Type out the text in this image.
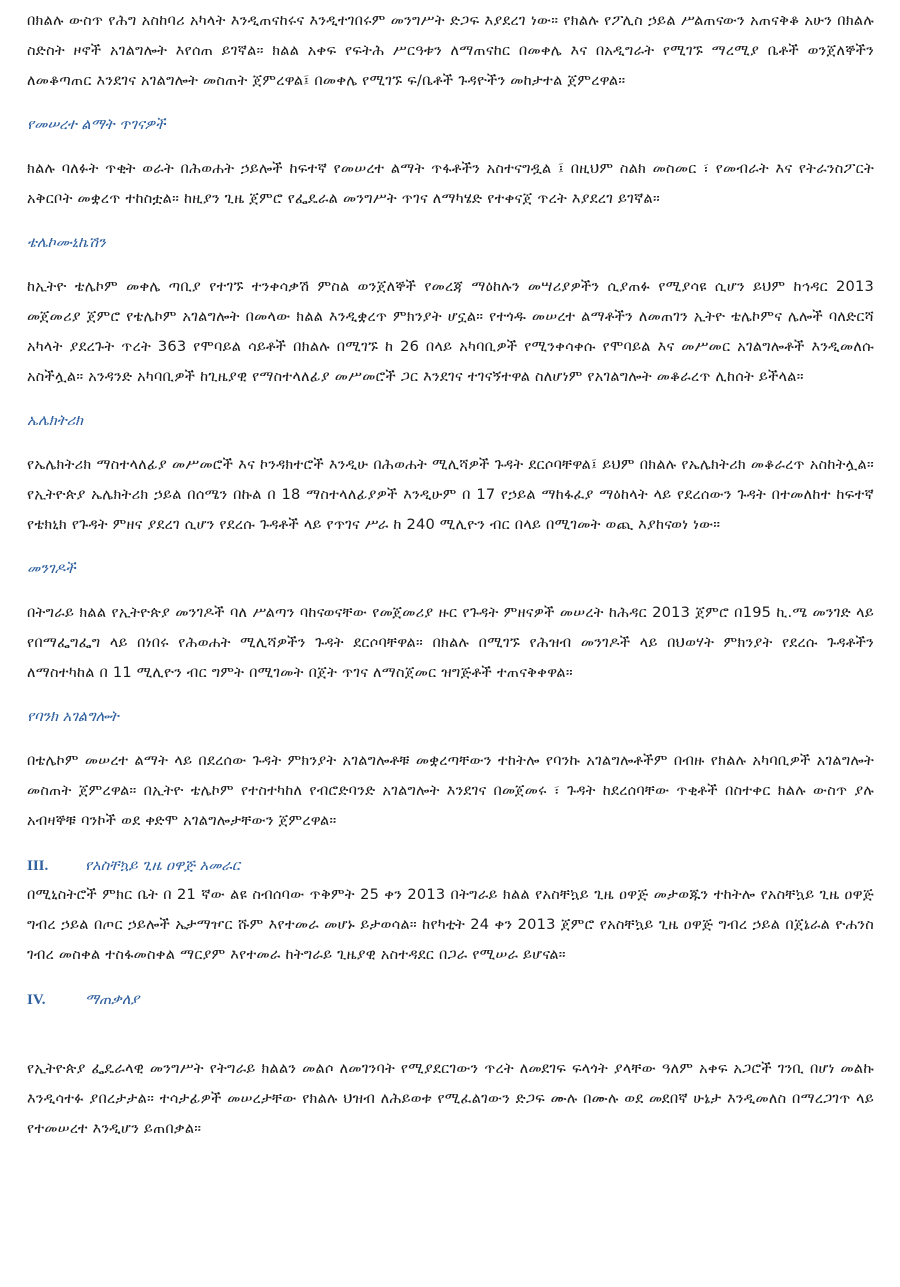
በክልሉ ውስጥ የሕግ አስከባሪ አካላት እንዲጠናከሩና እንዲተገበሩም መንግሥት ድጋፍ እያደረገ ነው። የክልሉ የፖሊስ ኃይል ሥልጠናውን አጠናቅቆ አሁን በክልሉ ስድስት ዞኖች አገልግሎት እየሰጠ ይገኛል። ክልል አቀፍ የፍትሕ ሥርዓቱን ለማጠናከር በመቀሌ እና በአዲግራት የሚገኙ ማረሚያ ቤቶች ወንጀለኞችን ለመቆጣጠር እንደገና አገልግሎት መስጠት ጀምረዋል፤ በመቀሌ የሚገኙ ፍ/ቤቶች ጉዳዮችን መከታተል ጀምረዋል።

የመሠረተ ልማት ጥገናዎች

ክልሉ ባለፉት ጥቂት ወራት በሕወሐት ኃይሎች ከፍተኛ የመሠረተ ልማት ጥፋቶችን አስተናግዷል ፤ በዚህም ስልክ መስመር ፣ የመብራት እና የትራንስፖርት አቅርቦት መቋረጥ ተከስቷል። ከዚያን ጊዜ ጀምሮ የፌዴራል መንግሥት ጥገና ለማካሄድ የተቀናጀ ጥረት እያደረገ ይገኛል።

ቴሌኮሙኒኬሽን

ከኢትዮ ቴሌኮም መቀሌ ጣቢያ የተገኙ ተንቀሳቃሽ ምስል ወንጀለኞች የመረጃ ማዕከሉን መሣሪያዎችን ሲያጠፉ የሚያሳዩ ሲሆን ይህም ከኅዳር 2013 መጀመሪያ ጀምሮ የቴሌኮም አገልግሎት በመላው ክልል እንዲቋረጥ ምክንያት ሆኗል። የተጎዱ መሠረተ ልማቶችን ለመጠገን ኢትዮ ቴሌኮምና ሌሎች ባለድርሻ አካላት ያደረጉት ጥረት 363 የሞባይል ሳይቶች በክልሉ በሚገኙ ከ 26 በላይ አካባቢዎች የሚንቀሳቀሱ የሞባይል እና መሥመር አገልግሎቶች እንዲመለሱ አስችሏል። አንዳንድ አካባቢዎች ከጊዜያዊ የማስተላለፊያ መሥመሮች ጋር እንደገና ተገናኝተዋል ስለሆነም የአገልግሎት መቆራረጥ ሊከሰት ይችላል።

ኤሌክትሪክ

የኤሌክትሪክ ማስተላለፊያ መሥመሮች እና ኮንዳክተሮች እንዲሁ በሕወሐት ሚሊሻዎች ጉዳት ደርሶባቸዋል፤ ይህም በክልሉ የኤሌክትሪክ መቆራረጥ አስከትሏል። የኢትዮጵያ ኤሌክትሪክ ኃይል በሰሜን በኩል በ 18 ማስተላለፊያዎች እንዲሁም በ 17 የኃይል ማከፋፈያ ማዕከላት ላይ የደረሰውን ጉዳት በተመለከተ ከፍተኛ የቴክኒክ የጉዳት ምዘና ያደረገ ሲሆን የደረሱ ጉዳቶች ላይ የጥገና ሥራ ከ 240 ሚሊዮን ብር በላይ በሚገመት ወጪ እያከናወነ ነው።

መንገዶች

በትግራይ ክልል የኢትዮጵያ መንገዶች ባለ ሥልጣን ባከናወናቸው የመጀመሪያ ዙር የጉዳት ምዘናዎች መሠረት ከሕዳር 2013 ጀምሮ በ195 ኪ.ሜ መንገድ ላይ የበማፌግፌግ ላይ በነበሩ የሕወሐት ሚሊሻዎችን ጉዳት ደርሶባቸዋል። በክልሉ በሚገኙ የሕዝብ መንገዶች ላይ በህወሃት ምክንያት የደረሱ ጉዳቶችን ለማስተካከል በ 11 ሚሊዮን ብር ግምት በሚገመት በጀት ጥገና ለማስጀመር ዝግጅቶች ተጠናቅቀዋል።

የባንክ አገልግሎት

በቴሌኮም መሠረተ ልማት ላይ በደረሰው ጉዳት ምክንያት አገልግሎቶቹ መቋረጣቸውን ተከትሎ የባንኩ አገልግሎቶችም በብዙ የክልሉ አካባቢዎች አገልግሎት መስጠት ጀምረዋል። በኢትዮ ቴሌኮም የተስተካከለ የብሮድባንድ አገልግሎት እንደገና በመጀመሩ ፣ ጉዳት ከደረሰባቸው ጥቂቶች በስተቀር ክልሉ ውስጥ ያሉ አብዛኞቹ ባንኮች ወደ ቀድሞ አገልግሎታቸውን ጀምረዋል።

III.	የአስቸኳይ ጊዜ ዐዋጅ አመራር

በሚኒስትሮች ምክር ቤት በ 21 ኛው ልዩ ስብሰባው ጥቅምት 25 ቀን 2013 በትግራይ ክልል የአስቸኳይ ጊዜ ዐዋጅ መታወጁን ተከትሎ የአስቸኳይ ጊዜ ዐዋጅ ግብረ ኃይል በጦር ኃይሎች ኤታማዦር ሹም እየተመራ መሆኑ ይታወሳል። ከየካቲት 24 ቀን 2013 ጀምሮ የአስቸኳይ ጊዜ ዐዋጅ ግብረ ኃይል በጀኔራል ዮሐንስ ገብረ መስቀል ተስፋመስቀል ማርያም እየተመራ ከትግራይ ጊዜያዊ አስተዳደር በጋራ የሚሠራ ይሆናል።

IV.	ማጠቃለያ

የኢትዮጵያ ፌዴራላዊ መንግሥት የትግራይ ክልልን መልሶ ለመገንባት የሚያደርገውን ጥረት ለመደገፍ ፍላጎት ያላቸው ዓለም አቀፍ አጋሮች ገንቢ በሆነ መልኩ እንዲሳተፉ ያበረታታል። ተሳታፊዎች መሠረታቸው የክልሉ ህዝብ ለሕይወቱ የሚፈልገውን ድጋፍ ሙሉ በሙሉ ወደ መደበኛ ሁኔታ እንዲመለስ በማረጋገጥ ላይ የተመሠረተ እንዲሆን ይጠበቃል።
